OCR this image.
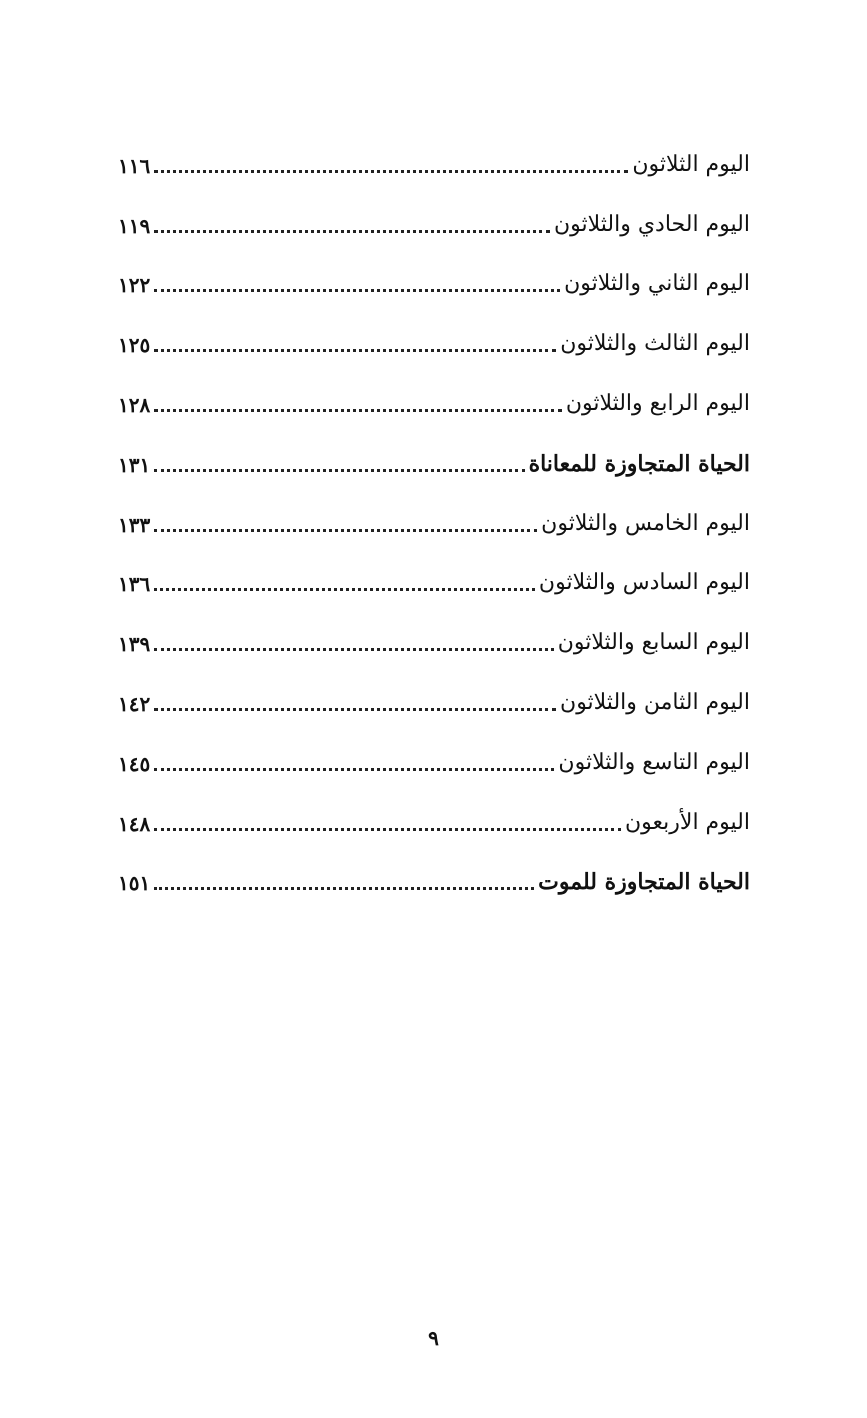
اليوم الثلاثون
١١٦
اليوم الحادي والثلاثون
١١٩
اليوم الثاني والثلاثون
١٢٢
اليوم الثالث والثلاثون
١٢٥
اليوم الرابع والثلاثون
١٢٨
الحياة المتجاوزة للمعاناة
١٣١
اليوم الخامس والثلاثون
١٣٣
اليوم السادس والثلاثون
١٣٦
اليوم السابع والثلاثون
١٣٩
اليوم الثامن والثلاثون
١٤٢
اليوم التاسع والثلاثون
١٤٥
اليوم الأربعون
١٤٨
الحياة المتجاوزة للموت
١٥١
٩
